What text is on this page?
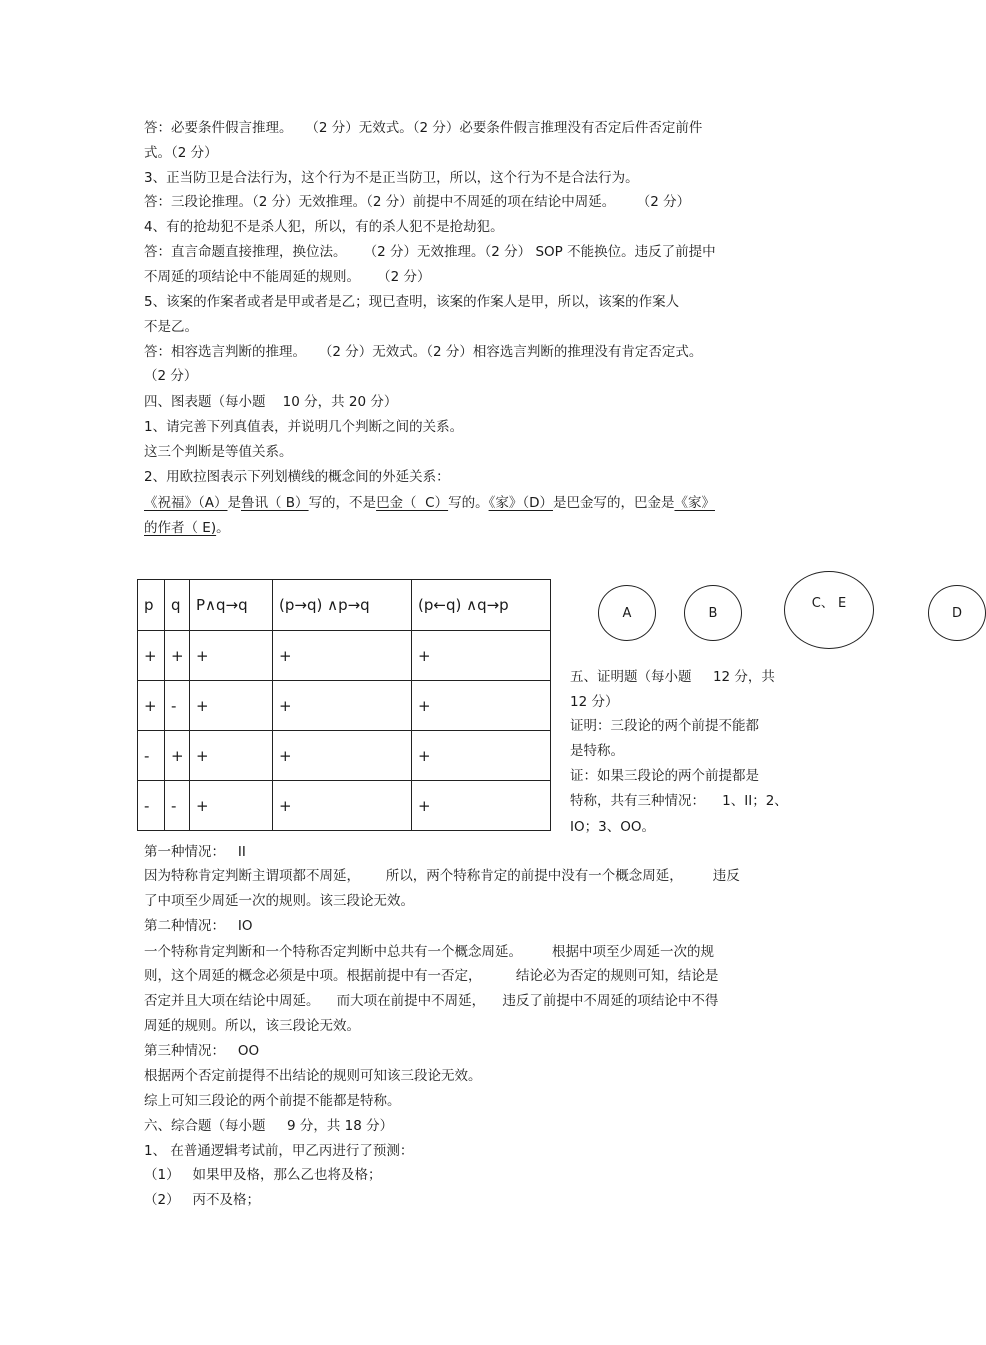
答：必要条件假言推理。   （2 分）无效式。（2 分）必要条件假言推理没有否定后件否定前件
式。（2 分）
3、正当防卫是合法行为，这个行为不是正当防卫，所以，这个行为不是合法行为。
答：三段论推理。（2 分）无效推理。（2 分）前提中不周延的项在结论中周延。     （2 分）
4、有的抢劫犯不是杀人犯，所以，有的杀人犯不是抢劫犯。
答：直言命题直接推理，换位法。    （2 分）无效推理。（2 分） SOP 不能换位。违反了前提中
不周延的项结论中不能周延的规则。    （2 分）
5、该案的作案者或者是甲或者是乙；现已查明，该案的作案人是甲，所以，该案的作案人
不是乙。
答：相容选言判断的推理。   （2 分）无效式。（2 分）相容选言判断的推理没有肯定否定式。
（2 分）
四、图表题（每小题    10 分，共 20 分）
1、请完善下列真值表，并说明几个判断之间的关系。
这三个判断是等值关系。
2、用欧拉图表示下列划横线的概念间的外延关系：
《祝福》（A）是鲁讯（ B）写的，不是巴金（  C）写的。《家》（D）是巴金写的，巴金是《家》
的作者（ E)。
p	q	P∧q→q	(p→q) ∧p→q	(p←q) ∧q→p
+	+	+	+	+
+	-	+	+	+
-	+	+	+	+
-	-	+	+	+
A	B
C、 E
D
五、证明题（每小题     12 分，共
12 分）
证明：三段论的两个前提不能都
是特称。
证：如果三段论的两个前提都是
特称，共有三种情况：    1、II；2、
IO；3、OO。
第一种情况：   II
因为特称肯定判断主谓项都不周延，      所以，两个特称肯定的前提中没有一个概念周延，       违反
了中项至少周延一次的规则。该三段论无效。
第二种情况：   IO
一个特称肯定判断和一个特称否定判断中总共有一个概念周延。       根据中项至少周延一次的规
则，这个周延的概念必须是中项。根据前提中有一否定，        结论必为否定的规则可知，结论是
否定并且大项在结论中周延。    而大项在前提中不周延，    违反了前提中不周延的项结论中不得
周延的规则。所以，该三段论无效。
第三种情况：   OO
根据两个否定前提得不出结论的规则可知该三段论无效。
综上可知三段论的两个前提不能都是特称。
六、综合题（每小题     9 分，共 18 分）
1、 在普通逻辑考试前，甲乙丙进行了预测：
（1）   如果甲及格，那么乙也将及格；
（2）   丙不及格；
